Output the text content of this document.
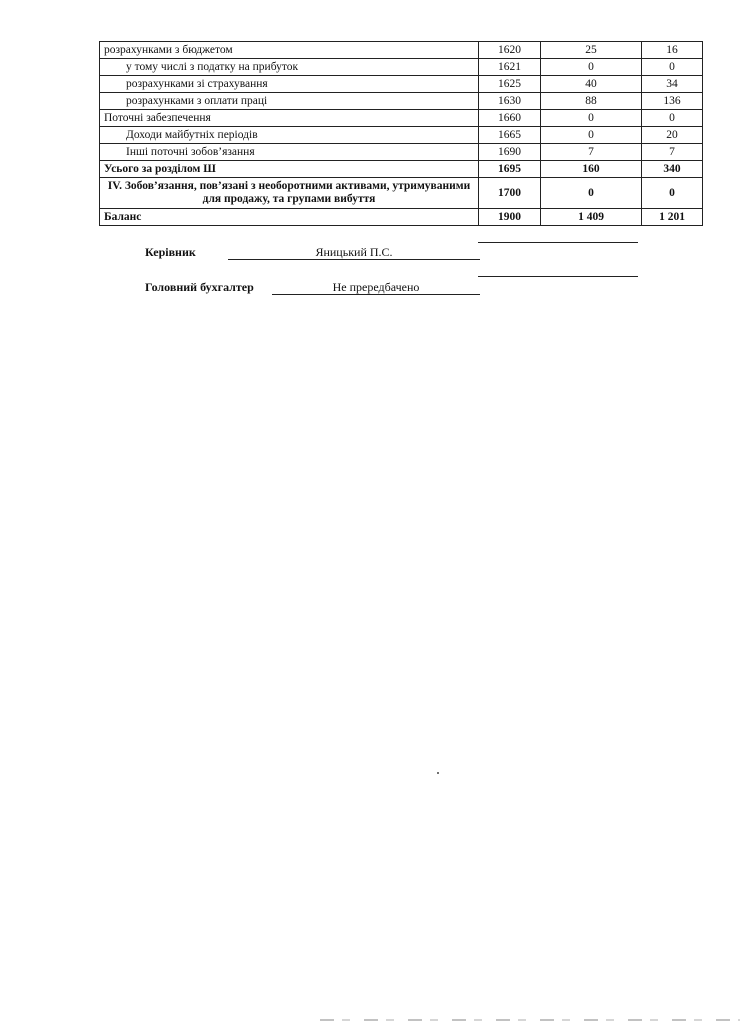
розрахунками з бюджетом	1620	25	16
у тому числі з податку на прибуток	1621	0	0
розрахунками зі страхування	1625	40	34
розрахунками з оплати праці	1630	88	136
Поточні забезпечення	1660	0	0
Доходи майбутніх періодів	1665	0	20
Інші поточні зобов’язання	1690	7	7
Усього за розділом Ш	1695	160	340
IV. Зобов’язання, пов’язані з необоротними активами, утримуваними для продажу, та групами вибуття	1700	0	0
Баланс	1900	1 409	1 201
Керівник	Яницький П.С.
Головний бухгалтер	Не прередбачено
